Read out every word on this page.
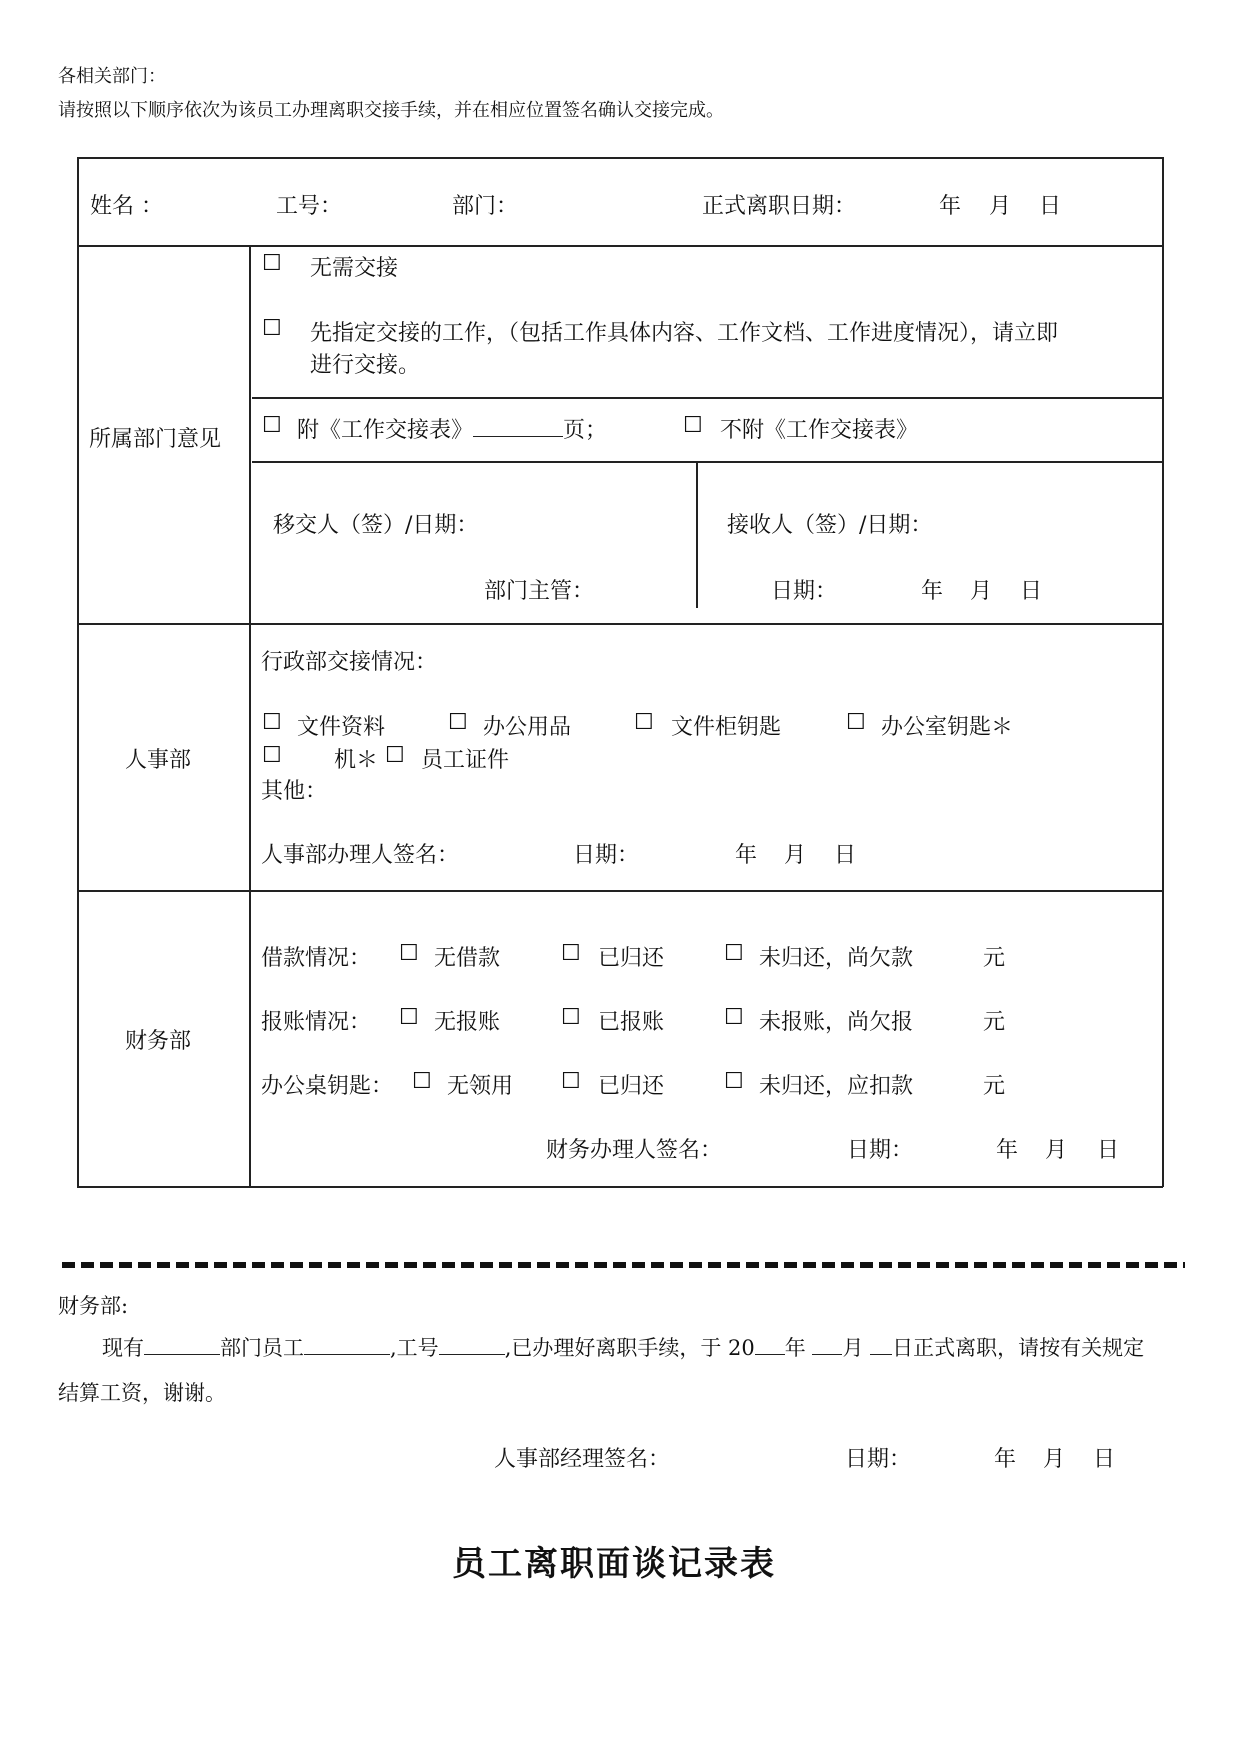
各相关部门：
请按照以下顺序依次为该员工办理离职交接手续，并在相应位置签名确认交接完成。
姓名 ：	工号：	部门：	正式离职日期：	年 月 日
所属部门意见
☐ 无需交接
☐ 先指定交接的工作，（包括工作具体内容、工作文档、工作进度情况），请立即
进行交接。
☐ 附《工作交接表》	页；	☐ 不附《工作交接表》
移交人（签）/日期：	接收人（签）/日期：
部门主管：	日期：	年 月 日
人事部
行政部交接情况：
☐ 文件资料	☐ 办公用品	☐ 文件柜钥匙	☐ 办公室钥匙＊
☐ 机＊ ☐ 员工证件
其他：
人事部办理人签名：	日期：	年 月 日
财务部
借款情况： ☐ 无借款	☐ 已归还	☐ 未归还，尚欠款	元
报账情况： ☐ 无报账	☐ 已报账	☐ 未报账，尚欠报	元
办公桌钥匙： ☐ 无领用 ☐ 已归还	☐ 未归还，应扣款	元
财务办理人签名：	日期：	年 月 日
财务部:
现有	部门员工	,工号	,已办理好离职手续，于 20 年 月 日正式离职，请按有关规定
结算工资，谢谢。
人事部经理签名：	日期：	年 月 日
员工离职面谈记录表
